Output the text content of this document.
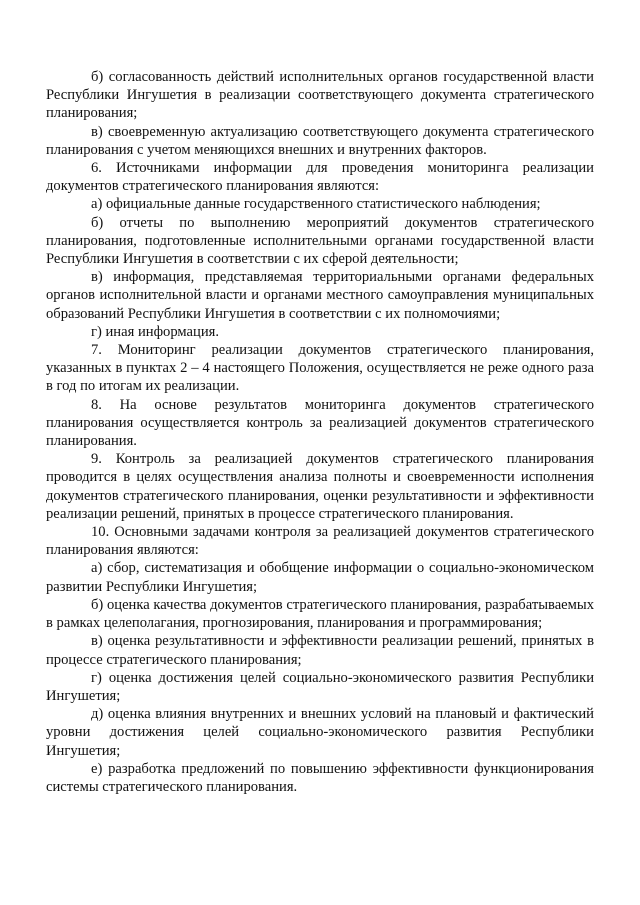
б) согласованность действий исполнительных органов государственной власти Республики Ингушетия в реализации соответствующего документа стратегического планирования;

в) своевременную актуализацию соответствующего документа стратегического планирования с учетом меняющихся внешних и внутренних факторов.

6. Источниками информации для проведения мониторинга реализации документов стратегического планирования являются:

а) официальные данные государственного статистического наблюдения;

б) отчеты по выполнению мероприятий документов стратегического планирования, подготовленные исполнительными органами государственной власти Республики Ингушетия в соответствии с их сферой деятельности;

в) информация, представляемая территориальными органами федеральных органов исполнительной власти и органами местного самоуправления муниципальных образований Республики Ингушетия в соответствии с их полномочиями;

г) иная информация.

7. Мониторинг реализации документов стратегического планирования, указанных в пунктах 2 – 4 настоящего Положения, осуществляется не реже одного раза в год по итогам их реализации.

8. На основе результатов мониторинга документов стратегического планирования осуществляется контроль за реализацией документов стратегического планирования.

9. Контроль за реализацией документов стратегического планирования проводится в целях осуществления анализа полноты и своевременности исполнения документов стратегического планирования, оценки результативности и эффективности реализации решений, принятых в процессе стратегического планирования.

10. Основными задачами контроля за реализацией документов стратегического планирования являются:

а) сбор, систематизация и обобщение информации о социально-экономическом развитии Республики Ингушетия;

б) оценка качества документов стратегического планирования, разрабатываемых в рамках целеполагания, прогнозирования, планирования и программирования;

в) оценка результативности и эффективности реализации решений, принятых в процессе стратегического планирования;

г) оценка достижения целей социально-экономического развития Республики Ингушетия;

д) оценка влияния внутренних и внешних условий на плановый и фактический уровни достижения целей социально-экономического развития Республики Ингушетия;

е) разработка предложений по повышению эффективности функционирования системы стратегического планирования.
